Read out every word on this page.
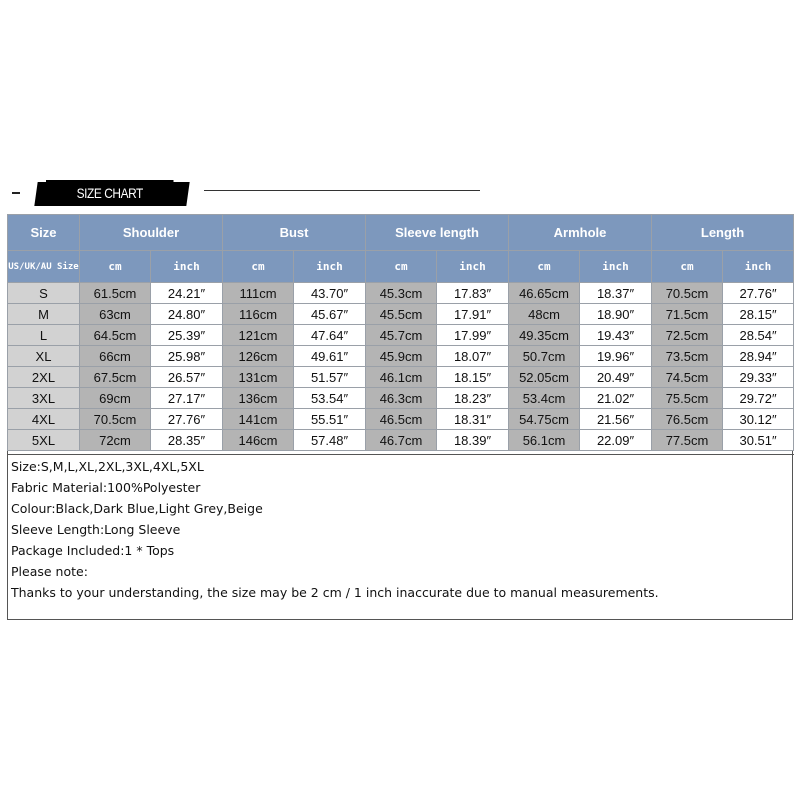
SIZE CHART
Size	Shoulder		Bust		Sleeve length		Armhole		Length	
US/UK/AU Size	cm	inch	cm	inch	cm	inch	cm	inch	cm	inch
S	61.5cm	24.21″	111cm	43.70″	45.3cm	17.83″	46.65cm	18.37″	70.5cm	27.76″
M	63cm	24.80″	116cm	45.67″	45.5cm	17.91″	48cm	18.90″	71.5cm	28.15″
L	64.5cm	25.39″	121cm	47.64″	45.7cm	17.99″	49.35cm	19.43″	72.5cm	28.54″
XL	66cm	25.98″	126cm	49.61″	45.9cm	18.07″	50.7cm	19.96″	73.5cm	28.94″
2XL	67.5cm	26.57″	131cm	51.57″	46.1cm	18.15″	52.05cm	20.49″	74.5cm	29.33″
3XL	69cm	27.17″	136cm	53.54″	46.3cm	18.23″	53.4cm	21.02″	75.5cm	29.72″
4XL	70.5cm	27.76″	141cm	55.51″	46.5cm	18.31″	54.75cm	21.56″	76.5cm	30.12″
5XL	72cm	28.35″	146cm	57.48″	46.7cm	18.39″	56.1cm	22.09″	77.5cm	30.51″
Size:S,M,L,XL,2XL,3XL,4XL,5XL
Fabric Material:100%Polyester
Colour:Black,Dark Blue,Light Grey,Beige
Sleeve Length:Long Sleeve
Package Included:1 * Tops
Please note:
Thanks to your understanding, the size may be 2 cm / 1 inch inaccurate due to manual measurements.
